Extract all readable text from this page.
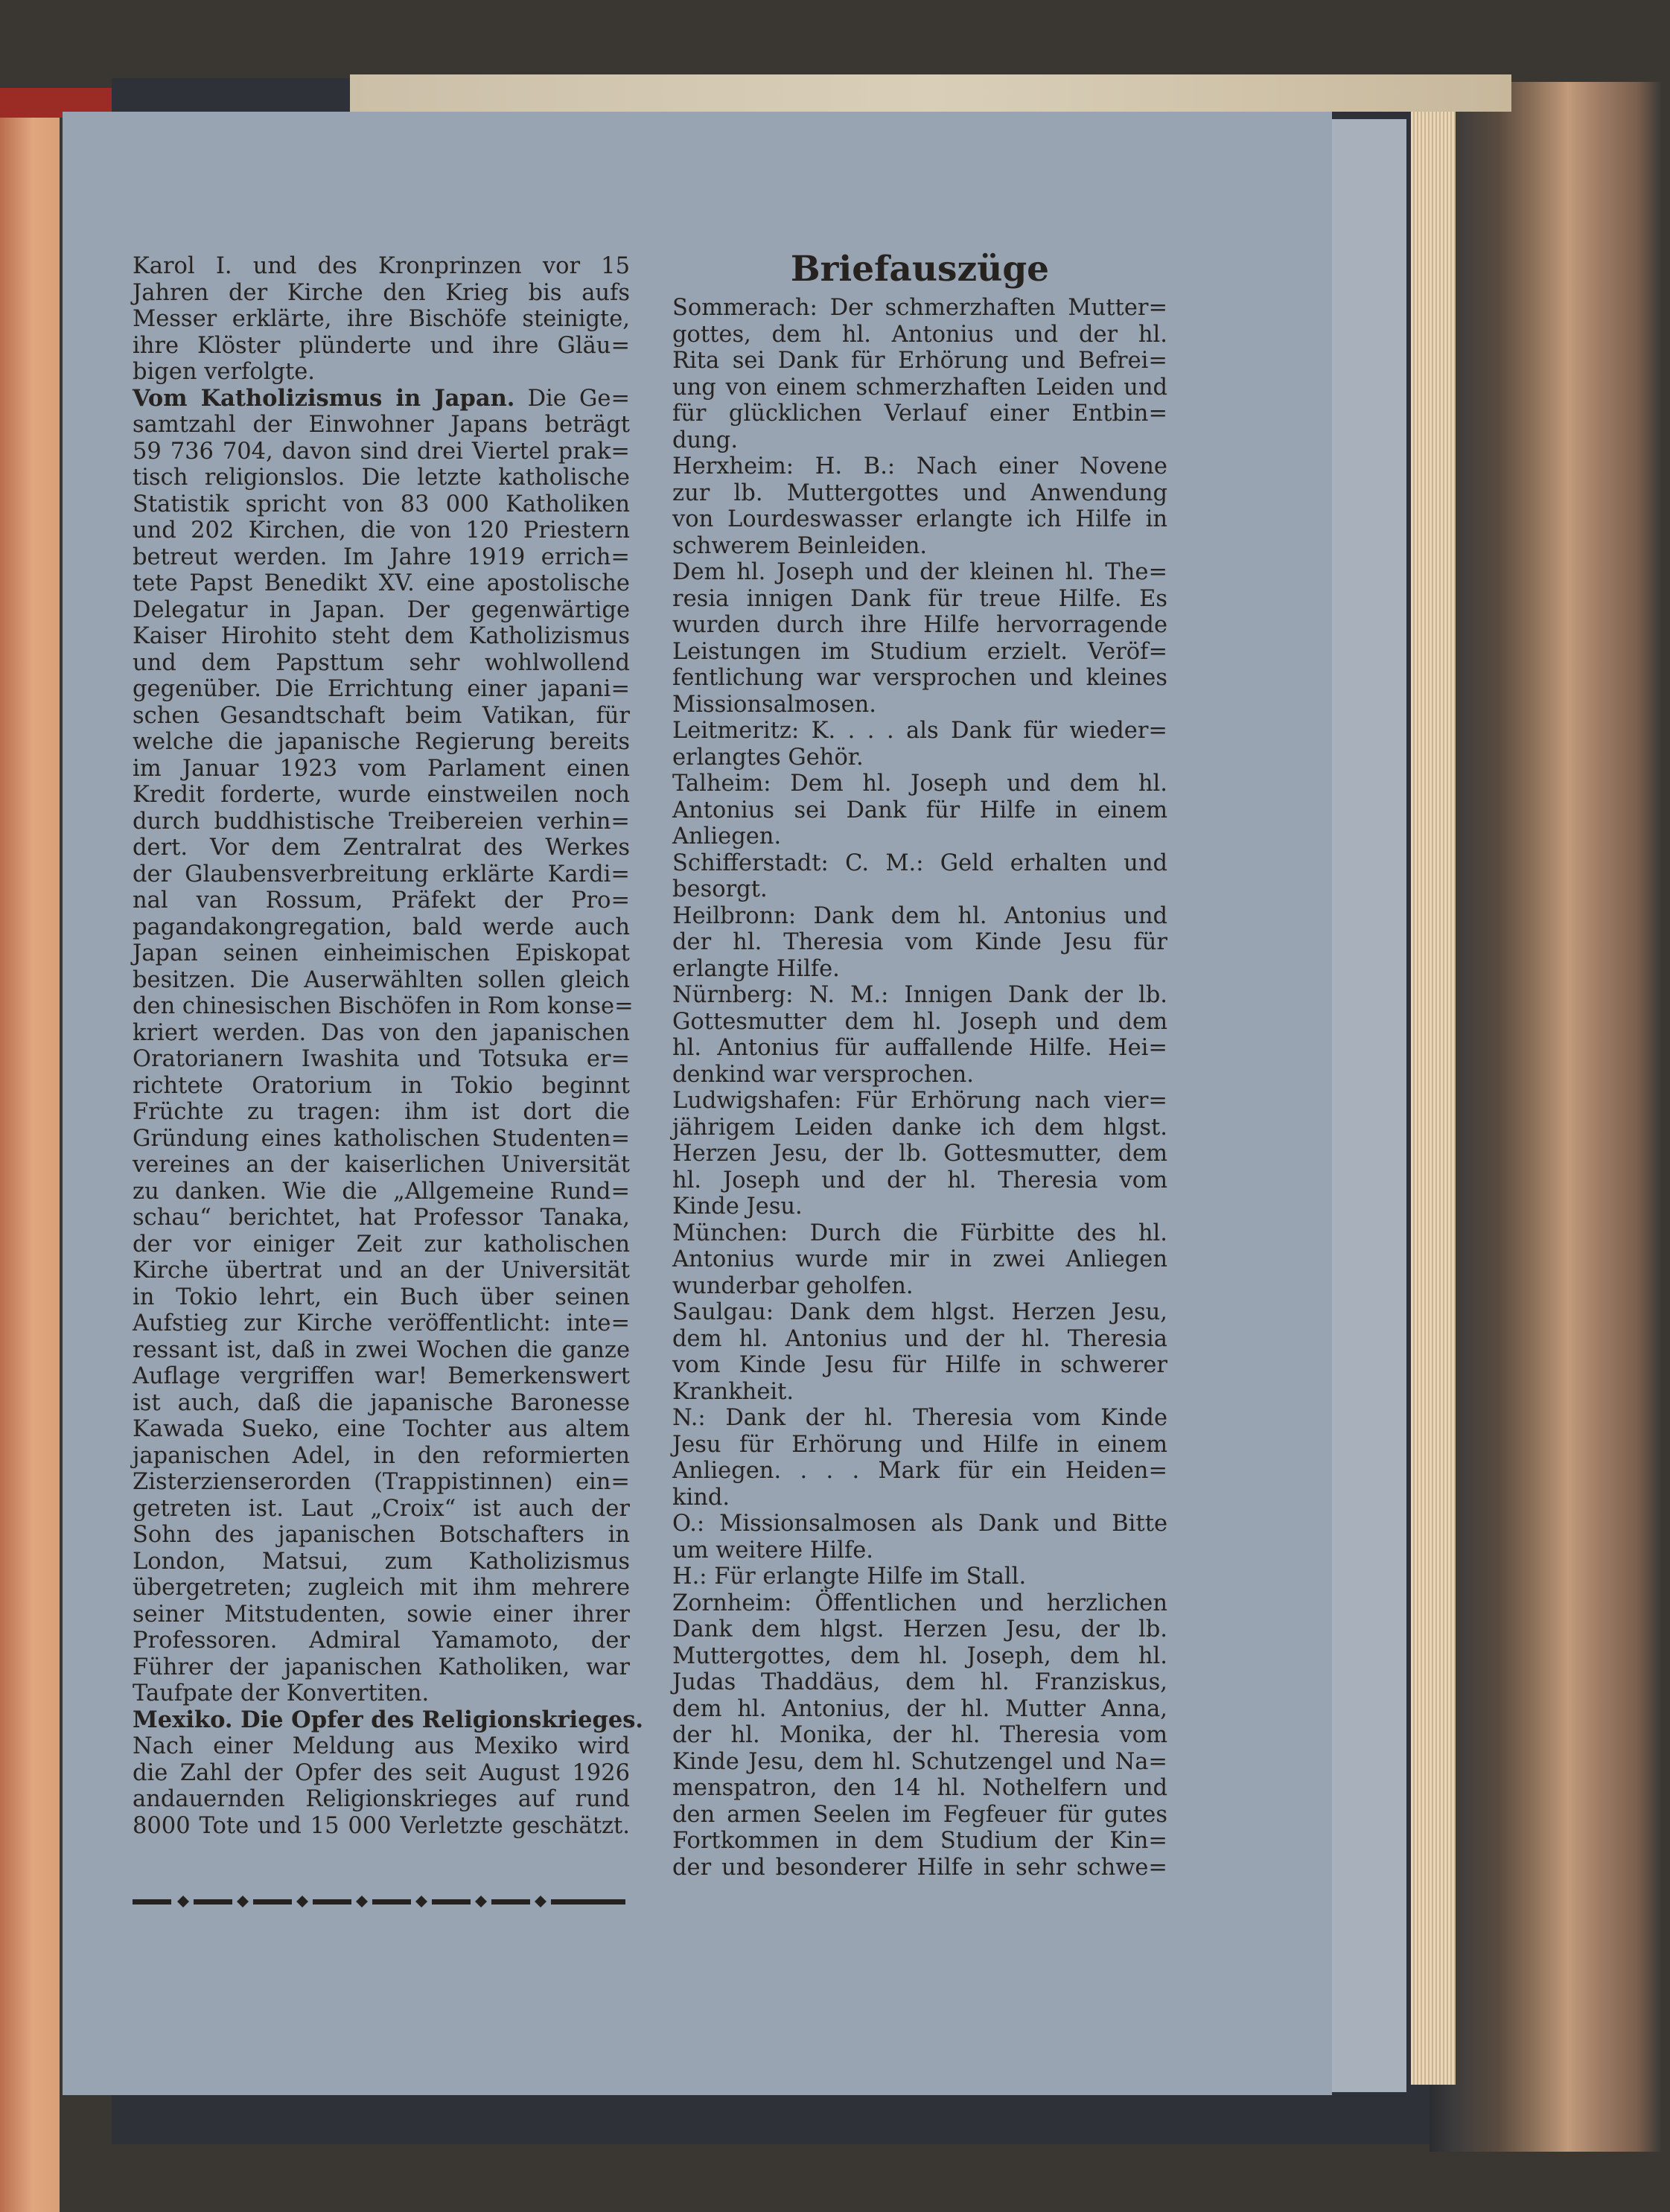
Karol I. und des Kronprinzen vor 15
Jahren der Kirche den Krieg bis aufs
Messer erklärte, ihre Bischöfe steinigte,
ihre Klöster plünderte und ihre Gläu=
bigen verfolgte.
Vom Katholizismus in Japan. Die Ge=
samtzahl der Einwohner Japans beträgt
59 736 704, davon sind drei Viertel prak=
tisch religionslos. Die letzte katholische
Statistik spricht von 83 000 Katholiken
und 202 Kirchen, die von 120 Priestern
betreut werden. Im Jahre 1919 errich=
tete Papst Benedikt XV. eine apostolische
Delegatur in Japan. Der gegenwärtige
Kaiser Hirohito steht dem Katholizismus
und dem Papsttum sehr wohlwollend
gegenüber. Die Errichtung einer japani=
schen Gesandtschaft beim Vatikan, für
welche die japanische Regierung bereits
im Januar 1923 vom Parlament einen
Kredit forderte, wurde einstweilen noch
durch buddhistische Treibereien verhin=
dert. Vor dem Zentralrat des Werkes
der Glaubensverbreitung erklärte Kardi=
nal van Rossum, Präfekt der Pro=
pagandakongregation, bald werde auch
Japan seinen einheimischen Episkopat
besitzen. Die Auserwählten sollen gleich
den chinesischen Bischöfen in Rom konse=
kriert werden. Das von den japanischen
Oratorianern Iwashita und Totsuka er=
richtete Oratorium in Tokio beginnt
Früchte zu tragen: ihm ist dort die
Gründung eines katholischen Studenten=
vereines an der kaiserlichen Universität
zu danken. Wie die „Allgemeine Rund=
schau“ berichtet, hat Professor Tanaka,
der vor einiger Zeit zur katholischen
Kirche übertrat und an der Universität
in Tokio lehrt, ein Buch über seinen
Aufstieg zur Kirche veröffentlicht: inte=
ressant ist, daß in zwei Wochen die ganze
Auflage vergriffen war! Bemerkenswert
ist auch, daß die japanische Baronesse
Kawada Sueko, eine Tochter aus altem
japanischen Adel, in den reformierten
Zisterzienserorden (Trappistinnen) ein=
getreten ist. Laut „Croix“ ist auch der
Sohn des japanischen Botschafters in
London, Matsui, zum Katholizismus
übergetreten; zugleich mit ihm mehrere
seiner Mitstudenten, sowie einer ihrer
Professoren. Admiral Yamamoto, der
Führer der japanischen Katholiken, war
Taufpate der Konvertiten.
Mexiko. Die Opfer des Religionskrieges.
Nach einer Meldung aus Mexiko wird
die Zahl der Opfer des seit August 1926
andauernden Religionskrieges auf rund
8000 Tote und 15 000 Verletzte geschätzt.
Briefauszüge
Sommerach: Der schmerzhaften Mutter=
gottes, dem hl. Antonius und der hl.
Rita sei Dank für Erhörung und Befrei=
ung von einem schmerzhaften Leiden und
für glücklichen Verlauf einer Entbin=
dung.
Herxheim: H. B.: Nach einer Novene
zur lb. Muttergottes und Anwendung
von Lourdeswasser erlangte ich Hilfe in
schwerem Beinleiden.
Dem hl. Joseph und der kleinen hl. The=
resia innigen Dank für treue Hilfe. Es
wurden durch ihre Hilfe hervorragende
Leistungen im Studium erzielt. Veröf=
fentlichung war versprochen und kleines
Missionsalmosen.
Leitmeritz: K. . . . als Dank für wieder=
erlangtes Gehör.
Talheim: Dem hl. Joseph und dem hl.
Antonius sei Dank für Hilfe in einem
Anliegen.
Schifferstadt: C. M.: Geld erhalten und
besorgt.
Heilbronn: Dank dem hl. Antonius und
der hl. Theresia vom Kinde Jesu für
erlangte Hilfe.
Nürnberg: N. M.: Innigen Dank der lb.
Gottesmutter dem hl. Joseph und dem
hl. Antonius für auffallende Hilfe. Hei=
denkind war versprochen.
Ludwigshafen: Für Erhörung nach vier=
jährigem Leiden danke ich dem hlgst.
Herzen Jesu, der lb. Gottesmutter, dem
hl. Joseph und der hl. Theresia vom
Kinde Jesu.
München: Durch die Fürbitte des hl.
Antonius wurde mir in zwei Anliegen
wunderbar geholfen.
Saulgau: Dank dem hlgst. Herzen Jesu,
dem hl. Antonius und der hl. Theresia
vom Kinde Jesu für Hilfe in schwerer
Krankheit.
N.: Dank der hl. Theresia vom Kinde
Jesu für Erhörung und Hilfe in einem
Anliegen. . . . Mark für ein Heiden=
kind.
O.: Missionsalmosen als Dank und Bitte
um weitere Hilfe.
H.: Für erlangte Hilfe im Stall.
Zornheim: Öffentlichen und herzlichen
Dank dem hlgst. Herzen Jesu, der lb.
Muttergottes, dem hl. Joseph, dem hl.
Judas Thaddäus, dem hl. Franziskus,
dem hl. Antonius, der hl. Mutter Anna,
der hl. Monika, der hl. Theresia vom
Kinde Jesu, dem hl. Schutzengel und Na=
menspatron, den 14 hl. Nothelfern und
den armen Seelen im Fegfeuer für gutes
Fortkommen in dem Studium der Kin=
der und besonderer Hilfe in sehr schwe=
